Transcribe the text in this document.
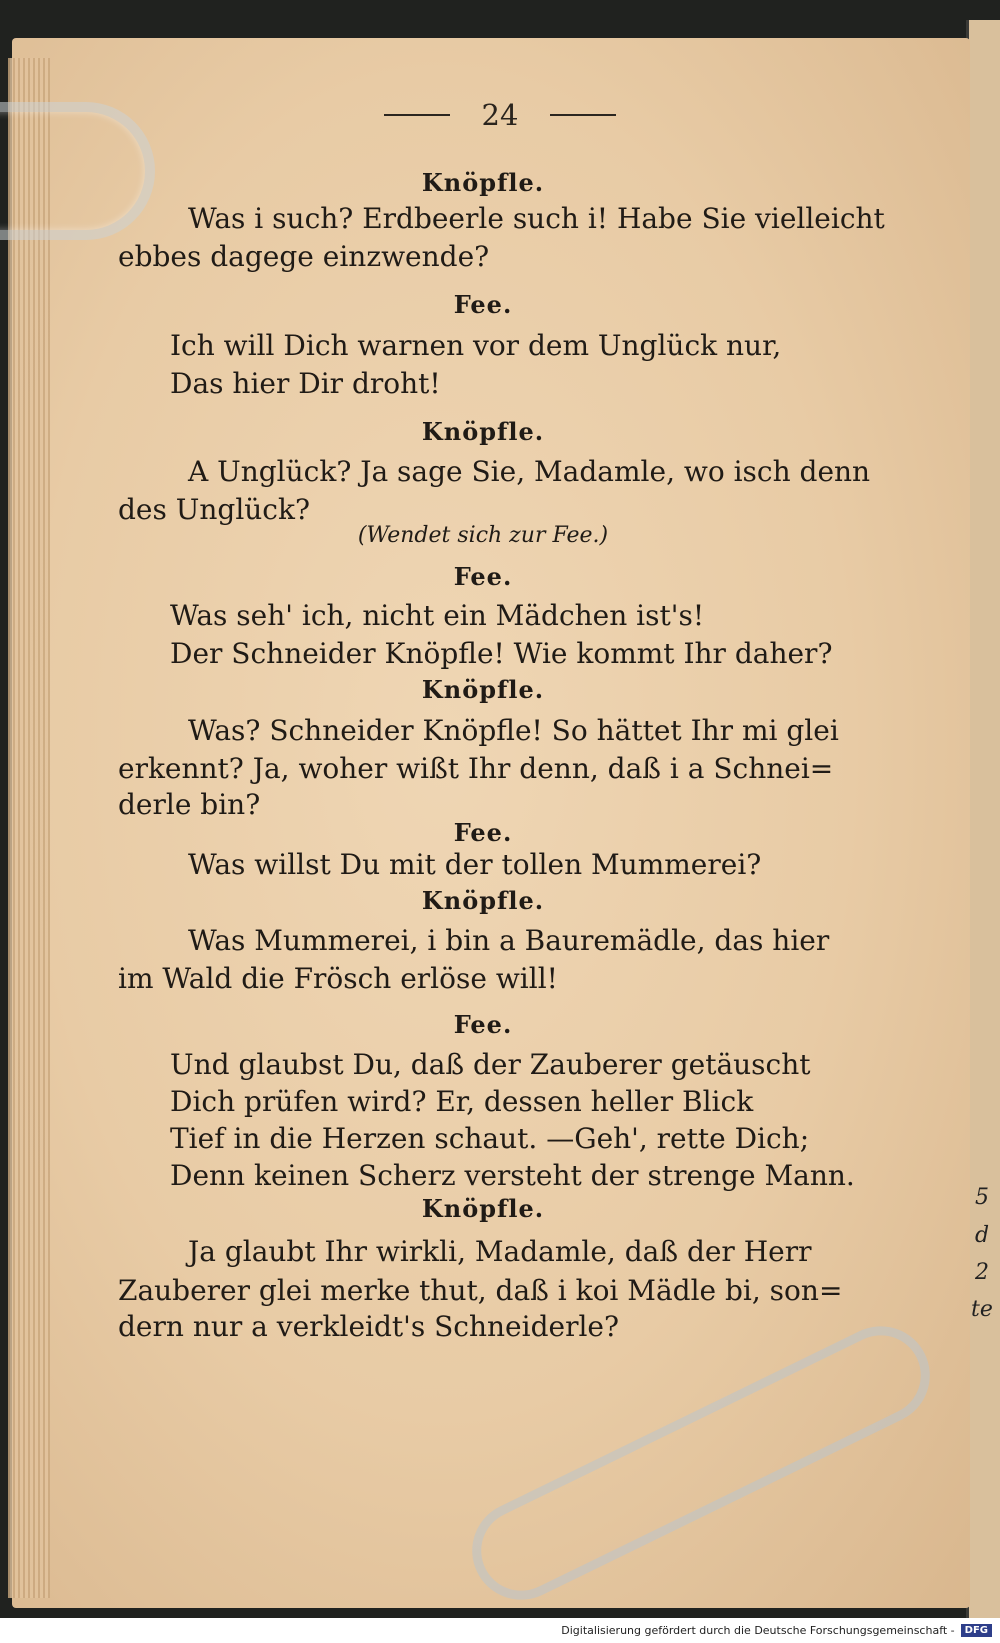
5
d
2
te
24
Knöpfle.
Was i such? Erdbeerle such i! Habe Sie vielleicht
ebbes dagege einzwende?
Fee.
Ich will Dich warnen vor dem Unglück nur,
Das hier Dir droht!
Knöpfle.
A Unglück? Ja sage Sie, Madamle, wo isch denn
des Unglück?
(Wendet sich zur Fee.)
Fee.
Was seh' ich, nicht ein Mädchen ist's!
Der Schneider Knöpfle! Wie kommt Ihr daher?
Knöpfle.
Was? Schneider Knöpfle! So hättet Ihr mi glei
erkennt? Ja, woher wißt Ihr denn, daß i a Schnei=
derle bin?
Fee.
Was willst Du mit der tollen Mummerei?
Knöpfle.
Was Mummerei, i bin a Bauremädle, das hier
im Wald die Frösch erlöse will!
Fee.
Und glaubst Du, daß der Zauberer getäuscht
Dich prüfen wird? Er, dessen heller Blick
Tief in die Herzen schaut. —Geh', rette Dich;
Denn keinen Scherz versteht der strenge Mann.
Knöpfle.
Ja glaubt Ihr wirkli, Madamle, daß der Herr
Zauberer glei merke thut, daß i koi Mädle bi, son=
dern nur a verkleidt's Schneiderle?
Digitalisierung gefördert durch die Deutsche Forschungsgemeinschaft -	DFG
